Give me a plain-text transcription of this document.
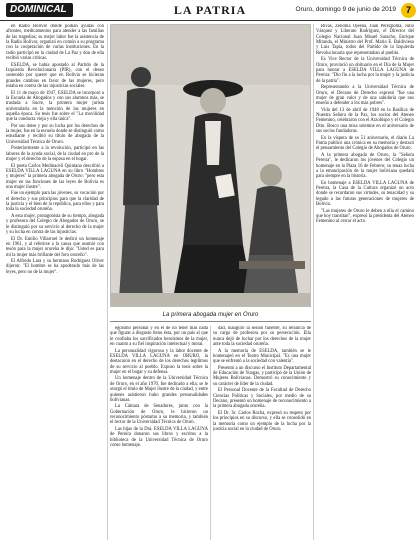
DOMINICAL	LA PATRIA	Oruro, domingo 9 de junio de 2019	7

en Radio Bolívar donde podían ayudas con afrontes, medicamentos para atender a las familias de las tragedias; su mejor labor fue la asistencia de la Radio Bolívar, organizó en común a su programa con la cooperación de varias instituciones. En la radio participó en la ciudad de La Paz y don de ella recibió varias críticas.

ESELDA, se había apostado al Partido de la Izquierda Revolucionaria (PIR), con el deseo sostenido por querer que en Bolivia se hicieran grandes cambios en favor de las mujeres, pero estaba en contra de las injusticias sociales.

El 11 de mayo de 1947, ESELDA se incorporó a la Escuela de Abogados y con sus alumnos más, se traslada a Sucre, la primera mujer jurista universitaria en la mención de las mujeres en aquella época. Su tesis fue sobre el "La movilidad que la conducta vieja y ella única".

Por sus dotes y por su lucha por los derechos de la mujer, fue en la escuela donde se distinguió como estudiante y recibió su título de abogada de la Universidad Técnica de Oruro.

Posteriormente a la revolución, participó en las labores de la ayuda social, de la ciudad en pro de la mujer y el derecho de la esposa en el hogar.

El poeta Carlos Medinaceli Quintana describió a ESELDA VILLA LAGUNA en su libro "Hombres y mujeres" la primera abogada de Oruro: "pero esta mujer en las funciones de las leyes de Bolivia es una mujer ilustre".

Fue un ejemplo para las jóvenes, su vocación por el derecho y sus principios para que la claridad de la justicia y el bien de la república, para ellos y para toda la sociedad orureña.

A esta mujer, protagonista de su tiempo, abogada y profesora del Colegio de Abogados de Oruro, se le distinguió por su servicio al derecho de la mujer y su lucha en contra de las injusticias.

El Dr. Emilio Villarroel le dedicó un homenaje en 1961, y al referirse a la causa que asumió con tesón para la mujer orureña le dijo: "Usted es para mí la mujer más brillante del foro orureño".

El Alfredo Lara y su hermano Rodríguez Oliver dijeron: "El hombre se ha apoderado más de las leyes, pero no de la mujer".

La primera abogada mujer en Oruro

egoísmo personal y en el de no tener más nada que figurar a disgusto lleno ésta, por un país al que le confiaba los sacrificados heroísmos de la mujer, en cuanto a su fiel inspiración intelectual y moral.

La personalidad vigorosa y la labor docente de ESELDA VILLA LAGUNA en ORURO, la destacaron en el derecho de los derechos legítimos de su servicio al pueblo. Expuso la tesis sobre la mujer en el hogar y su defensa.

Un homenaje dentro de la Universidad Técnica de Oruro, en el año 1970, fue dedicado a ella; se le otorgó el título de Mujer ilustre de la ciudad, y entre quienes asistieron hubo grandes personalidades bolivianas.

La Cámara de Senadores, junto con la Gobernación de Oruro, le hicieron un reconocimiento póstumo a su memoria, y también el rector de la Universidad Técnica de Oruro.

Las hijas de la Dra. ESELDA VILLA LAGUNA de Pereira donaron sus libros y escritos a la biblioteca de la Universidad Técnica de Oruro como homenaje.

dad, inauguró la sesión fúnebre, su renuncia de su cargo de profesora por su persecución. Ella nunca dejó de luchar por los derechos de la mujer ante toda la sociedad orureña.

A la memoria de ESELDA, también se le homenajeó en el Teatro Municipal. "Es una mujer que se enfrentó a la sociedad con valentía".

Presentó a un discurso el Instituto Departamental de Educación de Yungas, y participó de la Unión de Mujeres Bolivianas. Demostró su conocimiento y su carácter de líder de la ciudad.

El Personal Docente de la Facultad de Derecho Ciencias Políticas y Sociales, por medio de su Decano, presentó un homenaje de reconocimiento a la primera abogada orureña.

El Dr. Sr. Carlos Rocha, expresó su respeto por los principios en su discurso, y ella se consolidó en la memoria como un ejemplo de la lucha por la justicia social en la ciudad de Oruro.

Rivas, Zenobia Ojeena, Juan Perezpoma, Julio Vásquez y Liberato Rodríguez, el Director del Colegio Nacional Juan Misael Saracho, Enrique Miranda, el Ministro del Prof. Mario E. Baldivieso y Luis Tapia, todos del Partido de la Izquierda Revolucionaria que representaban al pueblo.

Es Vice Rector de la Universidad Técnica de Oruro, provinció un obituario en el Día de la Mujer para honrar a ESELDA VILLA LAGUNA de Pereira: "Dio fin a la lucha por la mujer y la justicia de la patria".

Representando a la Universidad Técnica de Oruro, el Decano de Derecho expresó "fue una mujer de gran valor y de una sabiduría que nos enseñó a defender a los más pobres".

Vida del 13 de abril de 1948 en la Basílica de Nuestra Señora de la Paz, los socios del Ateneo Femenino, celebraron con el Arzobispo y el Colegio Dtto. Bosco una misa solemne en el aniversario de sus socios fundadoras.

En la víspera de su 51 aniversario, el diario La Patria publicó una crónica en su memoria y destacó el pensamiento del Colegio de Abogados de Oruro.

A la primera abogada de Oruro, la "Señora Pereira", le dedicaron los jóvenes del Colegio un homenaje en la Plaza 10 de Febrero; su tenaz lucha a la emancipación de la mujer boliviana quedará para siempre en la historia.

En homenaje a ESELDA VILLA LAGUNA de Pereira, la Casa de la Cultura organizó un acto donde se recordaron sus virtudes, su tenacidad y su legado a las futuras generaciones de mujeres de Bolivia.

"Las mujeres de Oruro le deben a ella el camino que hoy transitan", expresó la presidenta del Ateneo Femenino al cerrar el acto.
